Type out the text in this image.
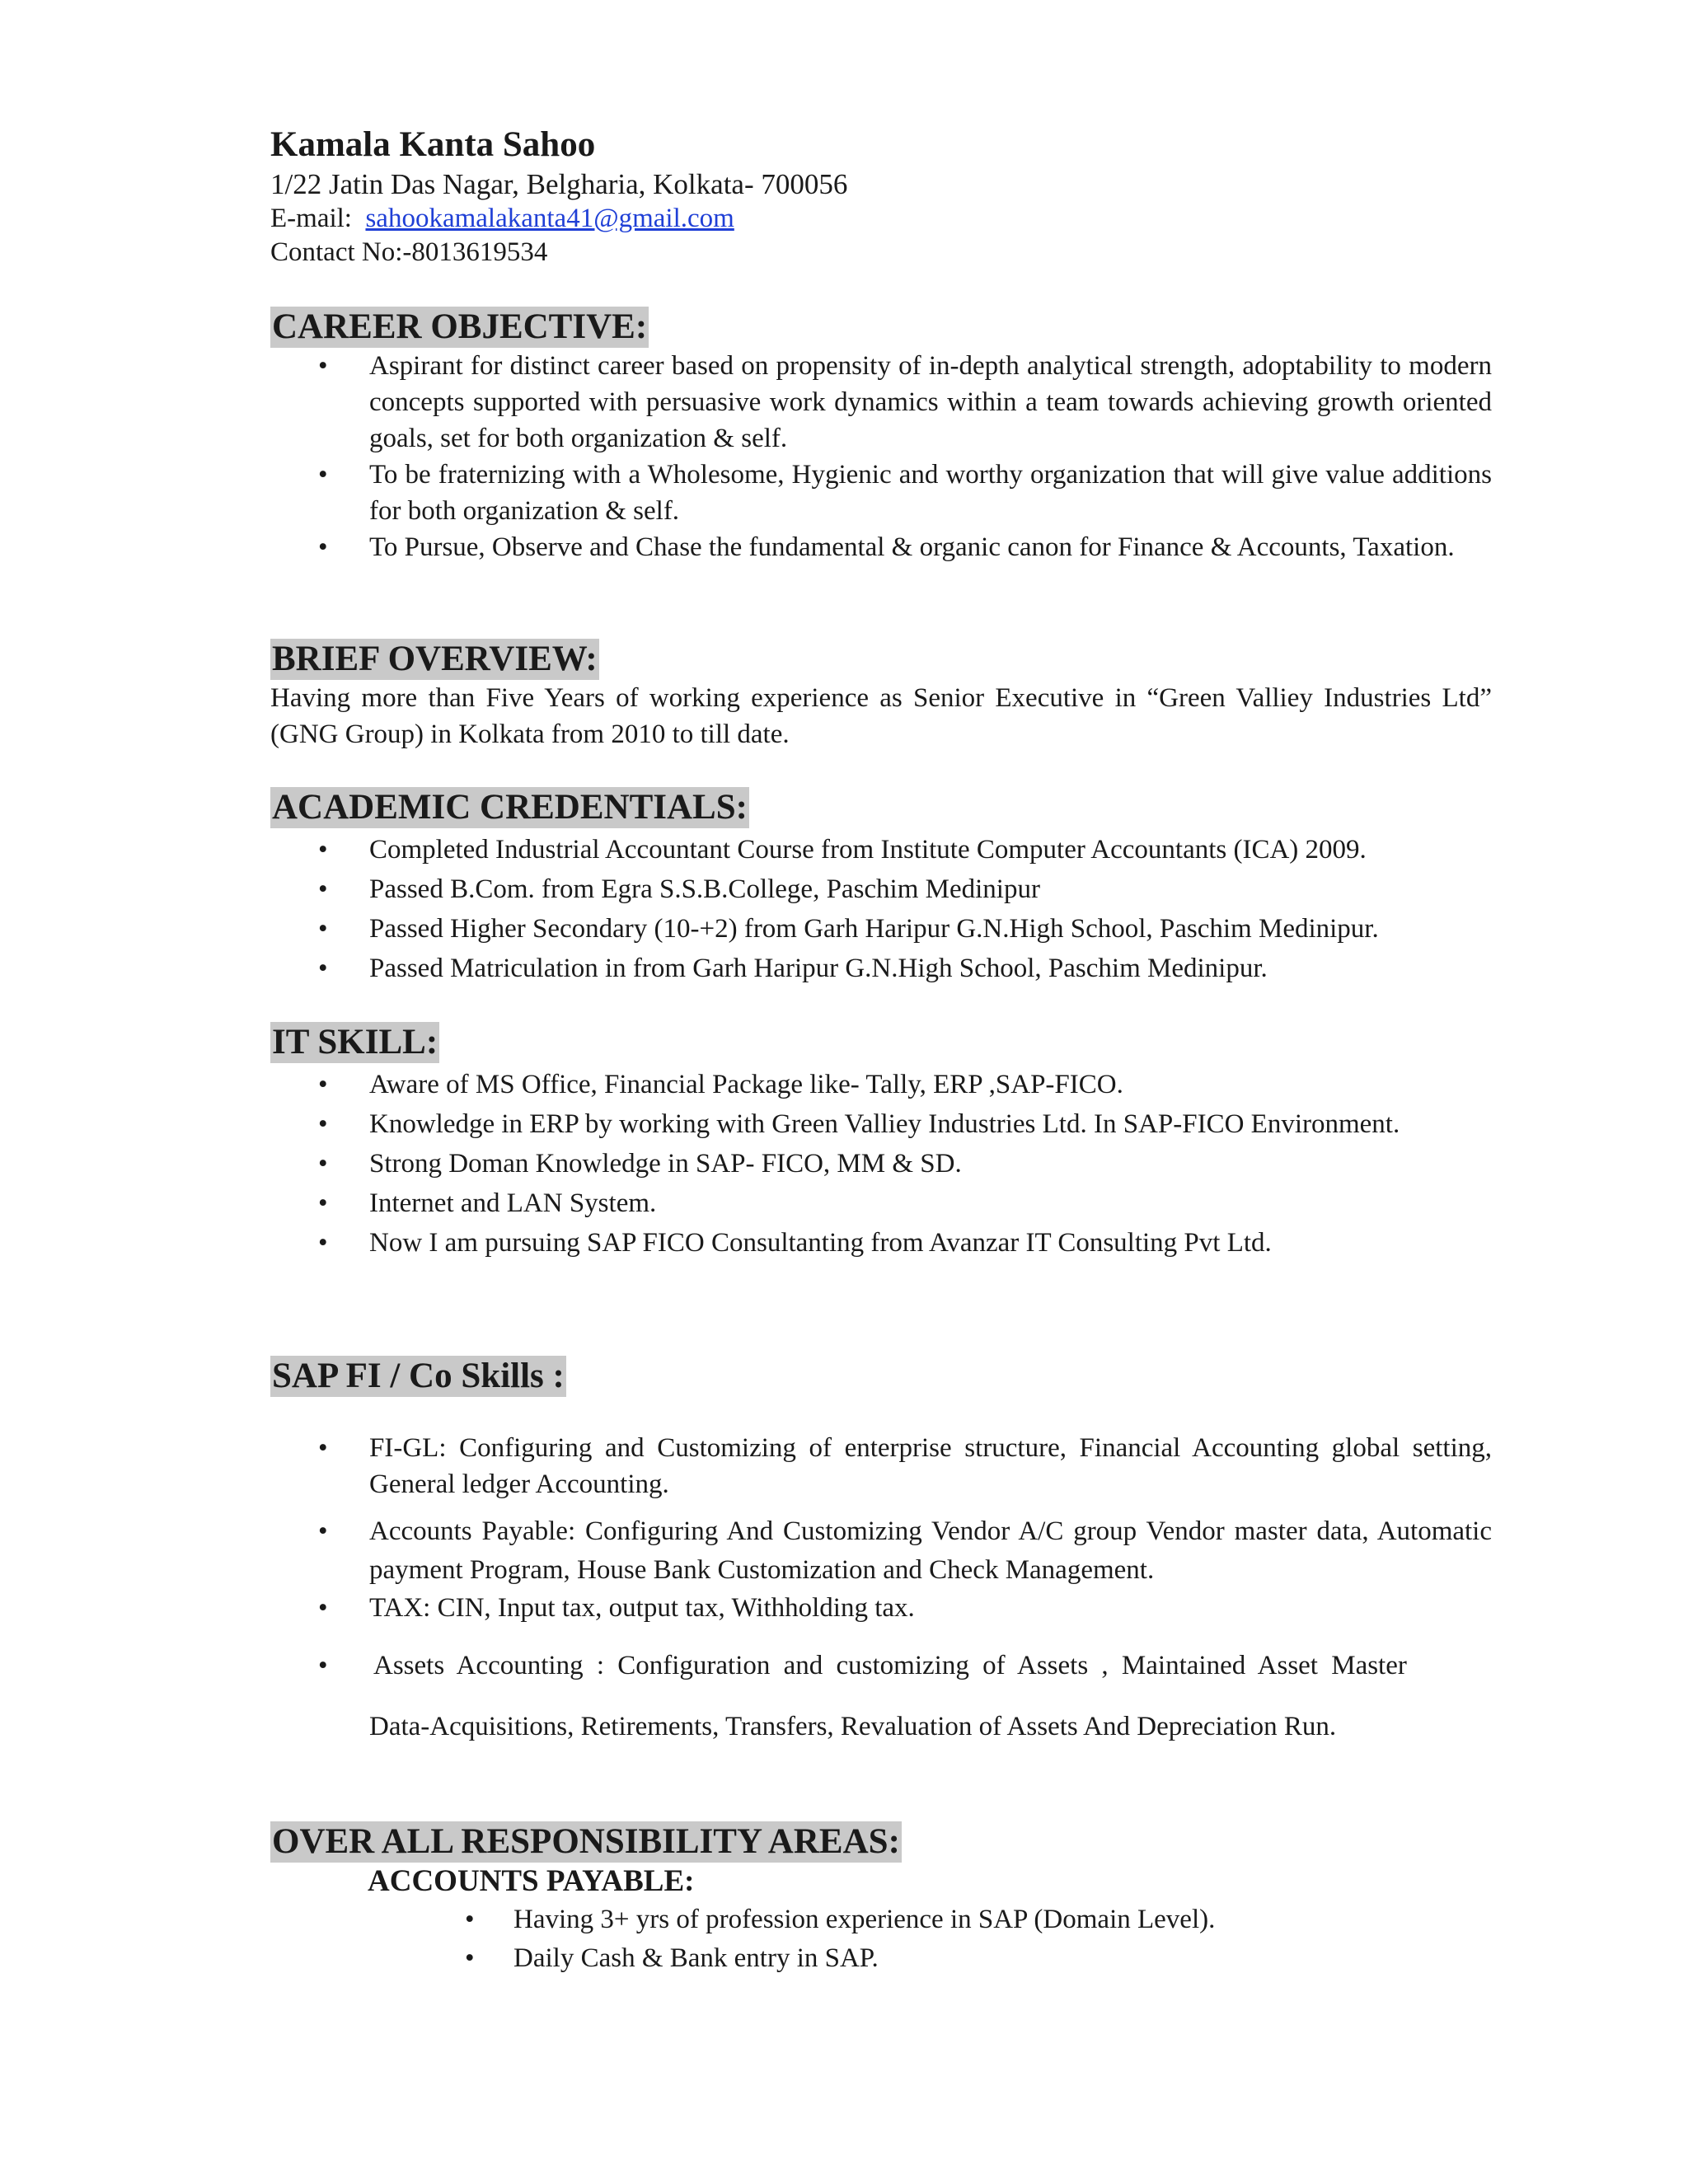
Kamala Kanta Sahoo

1/22 Jatin Das Nagar, Belgharia, Kolkata- 700056

E-mail: sahookamalakanta41@gmail.com

Contact No:-8013619534

CAREER OBJECTIVE:
• Aspirant for distinct career based on propensity of in-depth analytical strength, adoptability to modern concepts supported with persuasive work dynamics within a team towards achieving growth oriented goals, set for both organization & self.
• To be fraternizing with a Wholesome, Hygienic and worthy organization that will give value additions for both organization & self.
• To Pursue, Observe and Chase the fundamental & organic canon for Finance & Accounts, Taxation.
BRIEF OVERVIEW:

Having more than Five Years of working experience as Senior Executive in “Green Valliey Industries Ltd” (GNG Group) in Kolkata from 2010 to till date.

ACADEMIC CREDENTIALS:
• Completed Industrial Accountant Course from Institute Computer Accountants (ICA) 2009.
• Passed B.Com. from Egra S.S.B.College, Paschim Medinipur
• Passed Higher Secondary (10-+2) from Garh Haripur G.N.High School, Paschim Medinipur.
• Passed Matriculation in from Garh Haripur G.N.High School, Paschim Medinipur.
IT SKILL:
• Aware of MS Office, Financial Package like- Tally, ERP ,SAP-FICO.
• Knowledge in ERP by working with Green Valliey Industries Ltd. In SAP-FICO Environment.
• Strong Doman Knowledge in SAP- FICO, MM & SD.
• Internet and LAN System.
• Now I am pursuing SAP FICO Consultanting from Avanzar IT Consulting Pvt Ltd.
SAP FI / Co Skills :
• FI-GL: Configuring and Customizing of enterprise structure, Financial Accounting global setting, General ledger Accounting.
• Accounts Payable: Configuring And Customizing Vendor A/C group Vendor master data, Automatic payment Program, House Bank Customization and Check Management.
• TAX: CIN, Input tax, output tax, Withholding tax.
• Assets Accounting : Configuration and customizing of Assets , Maintained Asset Master
Data-Acquisitions, Retirements, Transfers, Revaluation of Assets And Depreciation Run.
OVER ALL RESPONSIBILITY AREAS:

ACCOUNTS PAYABLE:

• Having 3+ yrs of profession experience in SAP (Domain Level).
• Daily Cash & Bank entry in SAP.
